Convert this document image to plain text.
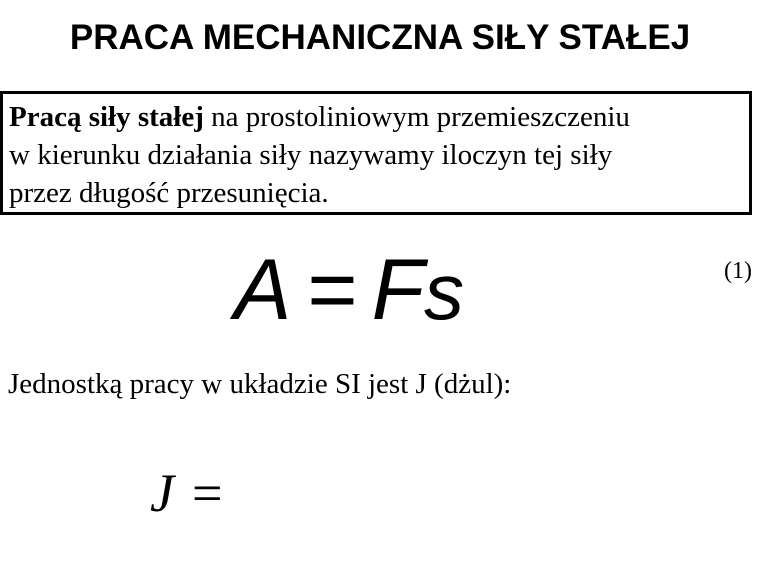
PRACA MECHANICZNA SIŁY STAŁEJ
Pracą siły stałej na prostoliniowym przemieszczeniu
w kierunku działania siły nazywamy iloczyn tej siły
przez długość przesunięcia.
A = Fs	(1)
Jednostką pracy w układzie SI jest J (dżul):
J =
